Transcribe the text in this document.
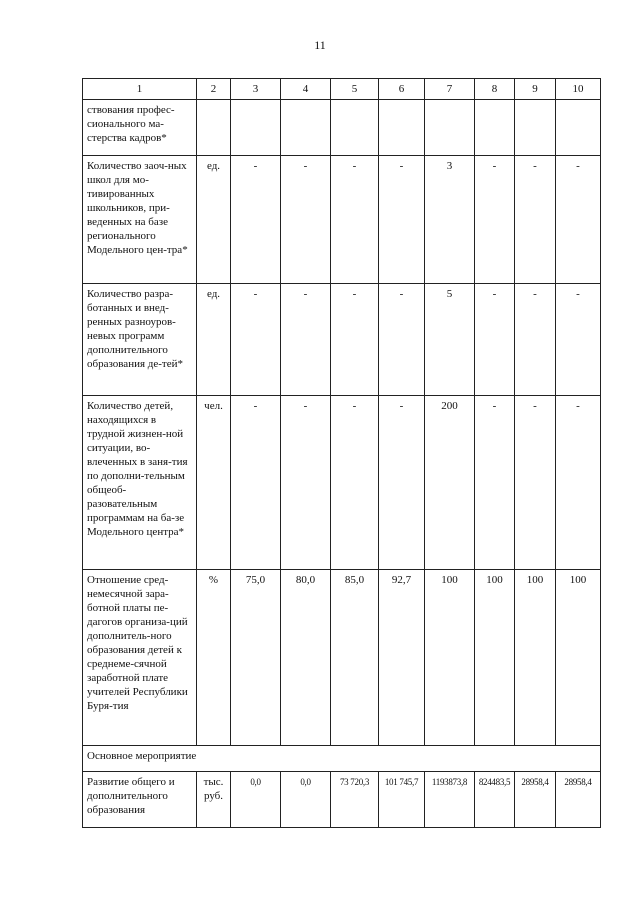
11
1	2	3	4	5	6	7	8	9	10
ствования профес-сионального ма-стерства кадров*									
Количество заоч-ных школ для мо-тивированных школьников, при-веденных на базе регионального Модельного цен-тра*	ед.	-	-	-	-	3	-	-	-
Количество разра-ботанных и внед-ренных разноуров-невых программ дополнительного образования де-тей*	ед.	-	-	-	-	5	-	-	-
Количество детей, находящихся в трудной жизнен-ной ситуации, во-влеченных в заня-тия по дополни-тельным общеоб-разовательным программам на ба-зе Модельного центра*	чел.	-	-	-	-	200	-	-	-
Отношение сред-немесячной зара-ботной платы пе-дагогов организа-ций дополнитель-ного образования детей к среднеме-сячной заработной плате учителей Республики Буря-тия	%	75,0	80,0	85,0	92,7	100	100	100	100
Основное мероприятие									
Развитие общего и дополнительного образования	тыс. руб.	0,0	0,0	73 720,3	101 745,7	1193873,8	824483,5	28958,4	28958,4
